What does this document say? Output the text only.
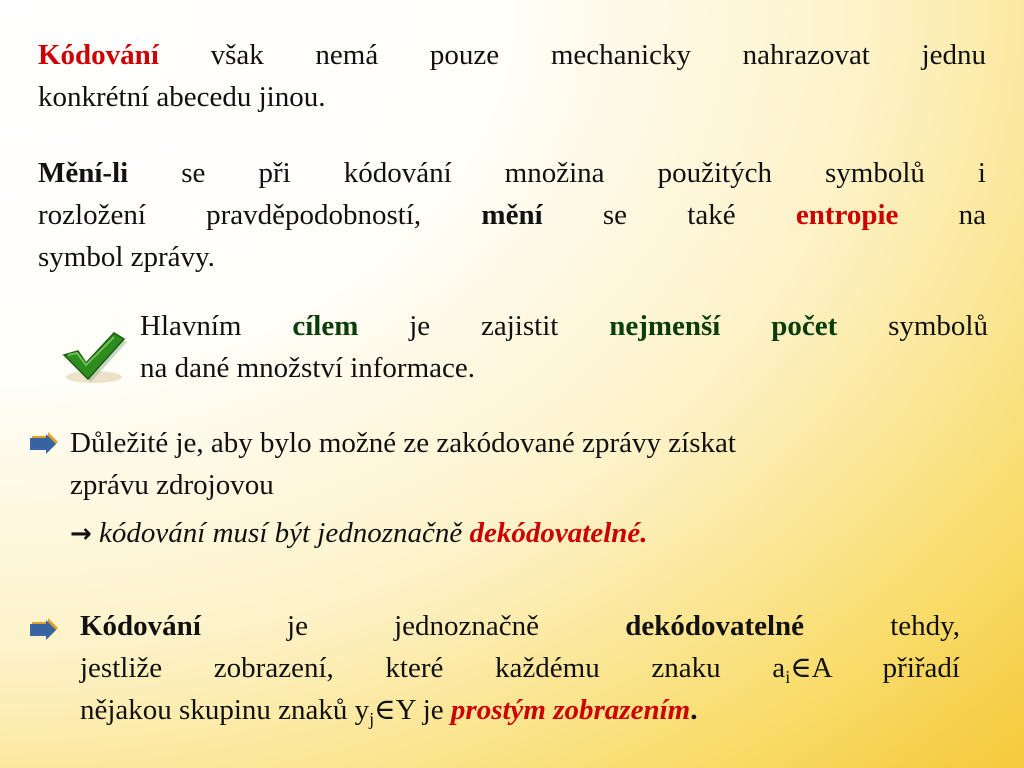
Kódování však nemá pouze mechanicky nahrazovat jednu
konkrétní abecedu jinou.
Mění-li se při kódování množina použitých symbolů i
rozložení pravděpodobností, mění se také entropie na
symbol zprávy.
Hlavním cílem je zajistit nejmenší počet symbolů
na dané množství informace.
Důležité je, aby bylo možné ze zakódované zprávy získat
zprávu zdrojovou
→ kódování musí být jednoznačně dekódovatelné.
Kódování je jednoznačně dekódovatelné tehdy,
jestliže zobrazení, které každému znaku $a_i\in A$ přiřadí
nějakou skupinu znaků $y_j\in Y$ je prostým zobrazením.
